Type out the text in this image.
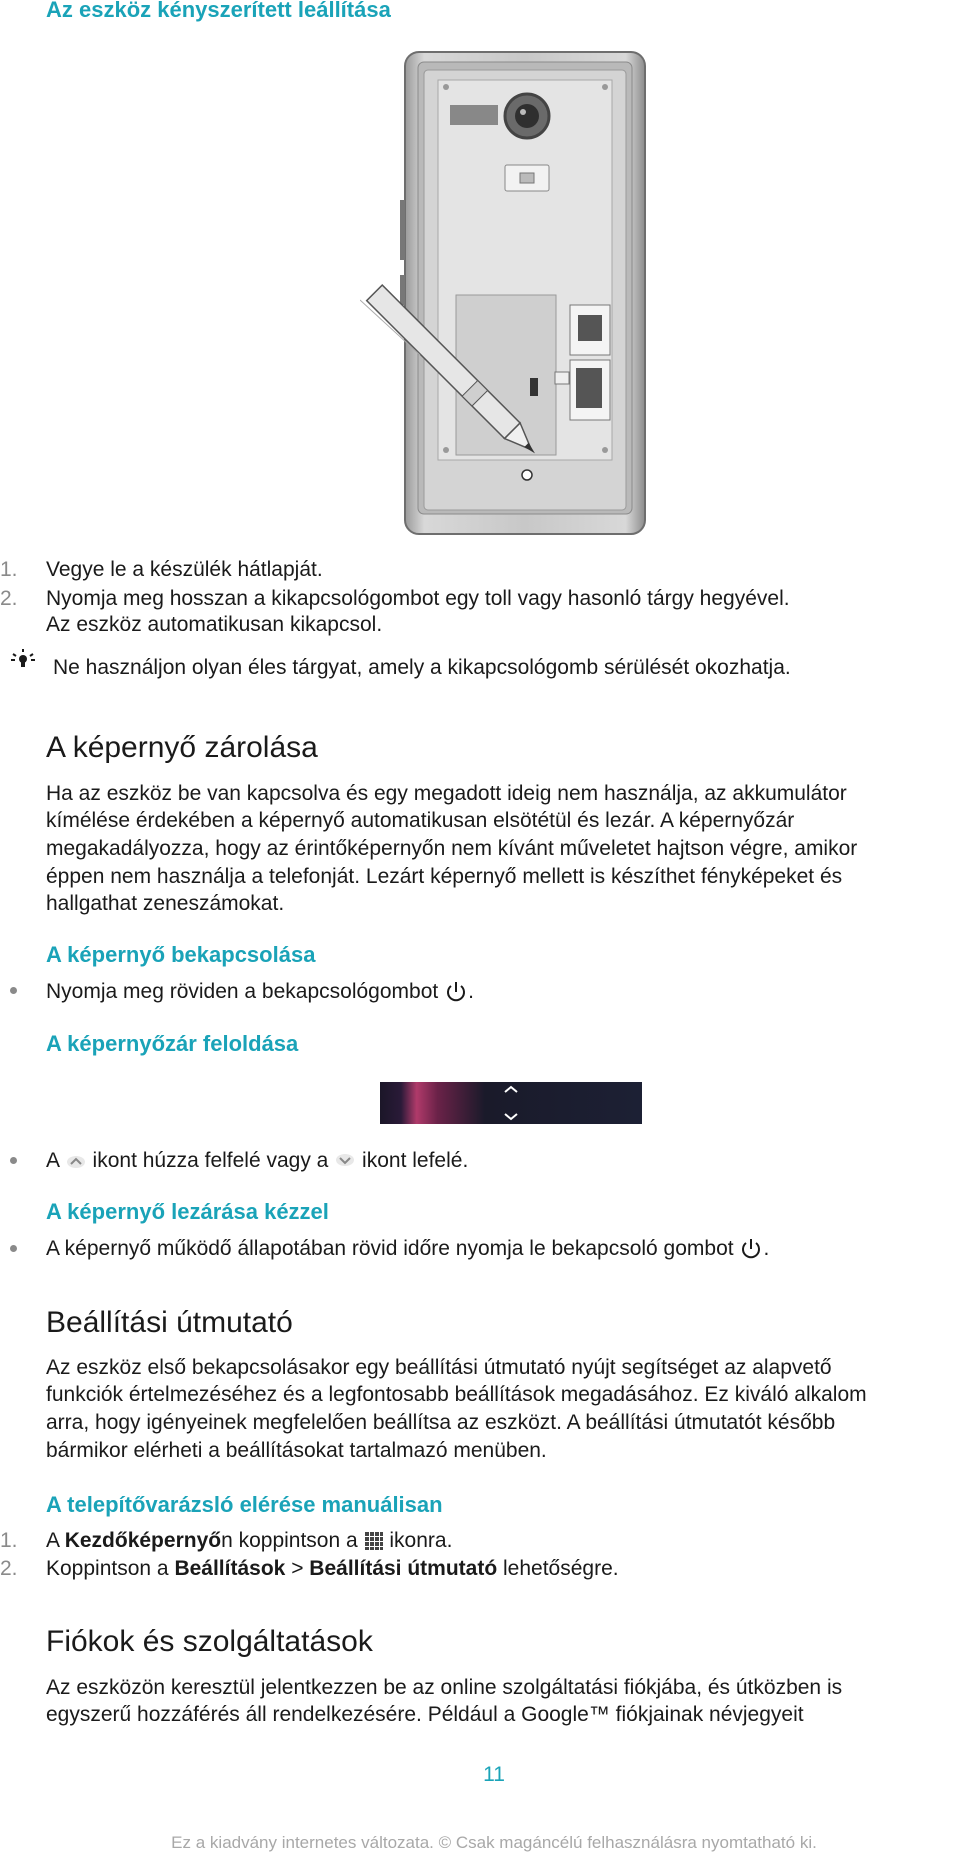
Az eszköz kényszerített leállítása
1. Vegye le a készülék hátlapját.
2. Nyomja meg hosszan a kikapcsológombot egy toll vagy hasonló tárgy hegyével.
Az eszköz automatikusan kikapcsol.
Ne használjon olyan éles tárgyat, amely a kikapcsológomb sérülését okozhatja.
A képernyő zárolása
Ha az eszköz be van kapcsolva és egy megadott ideig nem használja, az akkumulátor
kímélése érdekében a képernyő automatikusan elsötétül és lezár. A képernyőzár
megakadályozza, hogy az érintőképernyőn nem kívánt műveletet hajtson végre, amikor
éppen nem használja a telefonját. Lezárt képernyő mellett is készíthet fényképeket és
hallgathat zeneszámokat.
A képernyő bekapcsolása
Nyomja meg röviden a bekapcsológombot .
A képernyőzár feloldása
A ikont húzza felfelé vagy a ikont lefelé.
A képernyő lezárása kézzel
A képernyő működő állapotában rövid időre nyomja le bekapcsoló gombot .
Beállítási útmutató
Az eszköz első bekapcsolásakor egy beállítási útmutató nyújt segítséget az alapvető
funkciók értelmezéséhez és a legfontosabb beállítások megadásához. Ez kiváló alkalom
arra, hogy igényeinek megfelelően beállítsa az eszközt. A beállítási útmutatót később
bármikor elérheti a beállításokat tartalmazó menüben.
A telepítővarázsló elérése manuálisan
1. A Kezdőképernyőn koppintson a ikonra.
2. Koppintson a Beállítások > Beállítási útmutató lehetőségre.
Fiókok és szolgáltatások
Az eszközön keresztül jelentkezzen be az online szolgáltatási fiókjába, és útközben is
egyszerű hozzáférés áll rendelkezésére. Például a Google™ fiókjainak névjegyeit
11
Ez a kiadvány internetes változata. © Csak magáncélú felhasználásra nyomtatható ki.
